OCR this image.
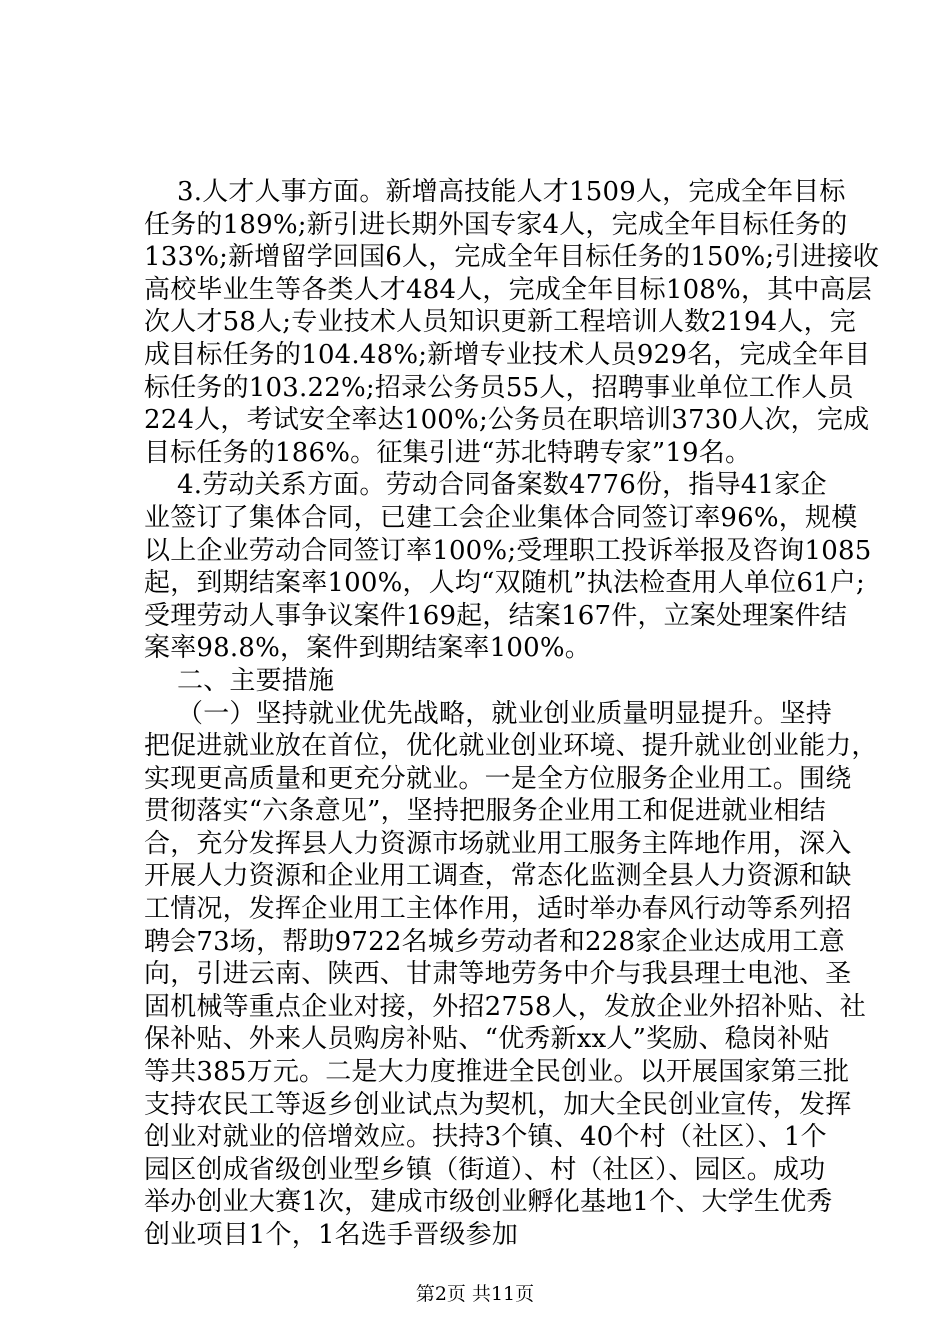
3.人才人事方面。新增高技能人才1509人，完成全年目标
任务的189%;新引进长期外国专家4人，完成全年目标任务的
133%;新增留学回国6人，完成全年目标任务的150%;引进接收
高校毕业生等各类人才484人，完成全年目标108%，其中高层
次人才58人;专业技术人员知识更新工程培训人数2194人，完
成目标任务的104.48%;新增专业技术人员929名，完成全年目
标任务的103.22%;招录公务员55人，招聘事业单位工作人员
224人，考试安全率达100%;公务员在职培训3730人次，完成
目标任务的186%。征集引进“苏北特聘专家”19名。
4.劳动关系方面。劳动合同备案数4776份，指导41家企
业签订了集体合同，已建工会企业集体合同签订率96%，规模
以上企业劳动合同签订率100%;受理职工投诉举报及咨询1085
起，到期结案率100%，人均“双随机”执法检查用人单位61户;
受理劳动人事争议案件169起，结案167件，立案处理案件结
案率98.8%，案件到期结案率100%。
二、主要措施
（一）坚持就业优先战略，就业创业质量明显提升。坚持
把促进就业放在首位，优化就业创业环境、提升就业创业能力，
实现更高质量和更充分就业。一是全方位服务企业用工。围绕
贯彻落实“六条意见”，坚持把服务企业用工和促进就业相结
合，充分发挥县人力资源市场就业用工服务主阵地作用，深入
开展人力资源和企业用工调查，常态化监测全县人力资源和缺
工情况，发挥企业用工主体作用，适时举办春风行动等系列招
聘会73场，帮助9722名城乡劳动者和228家企业达成用工意
向，引进云南、陕西、甘肃等地劳务中介与我县理士电池、圣
固机械等重点企业对接，外招2758人，发放企业外招补贴、社
保补贴、外来人员购房补贴、“优秀新xx人”奖励、稳岗补贴
等共385万元。二是大力度推进全民创业。以开展国家第三批
支持农民工等返乡创业试点为契机，加大全民创业宣传，发挥
创业对就业的倍增效应。扶持3个镇、40个村（社区）、1个
园区创成省级创业型乡镇（街道）、村（社区）、园区。成功
举办创业大赛1次，建成市级创业孵化基地1个、大学生优秀
创业项目1个，1名选手晋级参加
第2页 共11页
